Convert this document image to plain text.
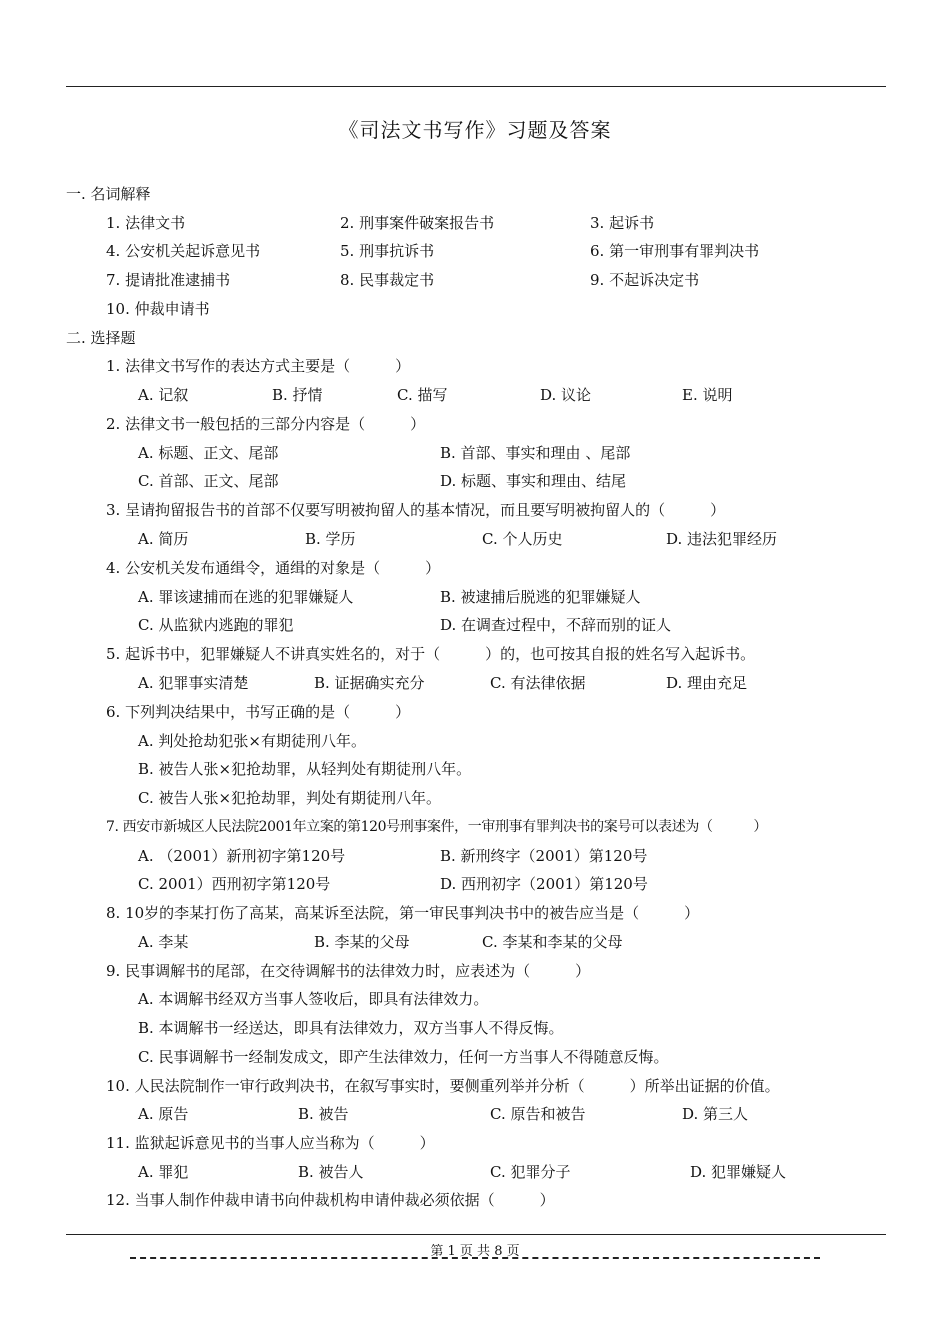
《司法文书写作》习题及答案
一. 名词解释
1. 法律文书	2. 刑事案件破案报告书	3. 起诉书
4. 公安机关起诉意见书	5. 刑事抗诉书	6. 第一审刑事有罪判决书
7. 提请批准逮捕书	8. 民事裁定书	9. 不起诉决定书
10. 仲裁申请书
二. 选择题
1. 法律文书写作的表达方式主要是（　　　）
A. 记叙	B. 抒情	C. 描写	D. 议论	E. 说明
2. 法律文书一般包括的三部分内容是（　　　）
A. 标题、正文、尾部	B. 首部、事实和理由 、尾部
C. 首部、正文、尾部	D. 标题、事实和理由、结尾
3. 呈请拘留报告书的首部不仅要写明被拘留人的基本情况，而且要写明被拘留人的（　　　）
A. 简历	B. 学历	C. 个人历史	D. 违法犯罪经历
4. 公安机关发布通缉令，通缉的对象是（　　　）
A. 罪该逮捕而在逃的犯罪嫌疑人	B. 被逮捕后脱逃的犯罪嫌疑人
C. 从监狱内逃跑的罪犯	D. 在调查过程中，不辞而别的证人
5. 起诉书中，犯罪嫌疑人不讲真实姓名的，对于（　　　）的，也可按其自报的姓名写入起诉书。
A. 犯罪事实清楚	B. 证据确实充分	C. 有法律依据	D. 理由充足
6. 下列判决结果中，书写正确的是（　　　）
A. 判处抢劫犯张×有期徒刑八年。
B. 被告人张×犯抢劫罪，从轻判处有期徒刑八年。
C. 被告人张×犯抢劫罪，判处有期徒刑八年。
7. 西安市新城区人民法院2001年立案的第120号刑事案件，一审刑事有罪判决书的案号可以表述为（　　　）
A. （2001）新刑初字第120号	B. 新刑终字（2001）第120号
C. 2001）西刑初字第120号	D. 西刑初字（2001）第120号
8. 10岁的李某打伤了高某，高某诉至法院，第一审民事判决书中的被告应当是（　　　）
A. 李某	B. 李某的父母	C. 李某和李某的父母
9. 民事调解书的尾部，在交待调解书的法律效力时，应表述为（　　　）
A. 本调解书经双方当事人签收后，即具有法律效力。
B. 本调解书一经送达，即具有法律效力，双方当事人不得反悔。
C. 民事调解书一经制发成文，即产生法律效力，任何一方当事人不得随意反悔。
10. 人民法院制作一审行政判决书，在叙写事实时，要侧重列举并分析（　　　）所举出证据的价值。
A. 原告	B. 被告	C. 原告和被告	D. 第三人
11. 监狱起诉意见书的当事人应当称为（　　　）
A. 罪犯	B. 被告人	C. 犯罪分子	D. 犯罪嫌疑人
12. 当事人制作仲裁申请书向仲裁机构申请仲裁必须依据（　　　）
第 1 页 共 8 页
